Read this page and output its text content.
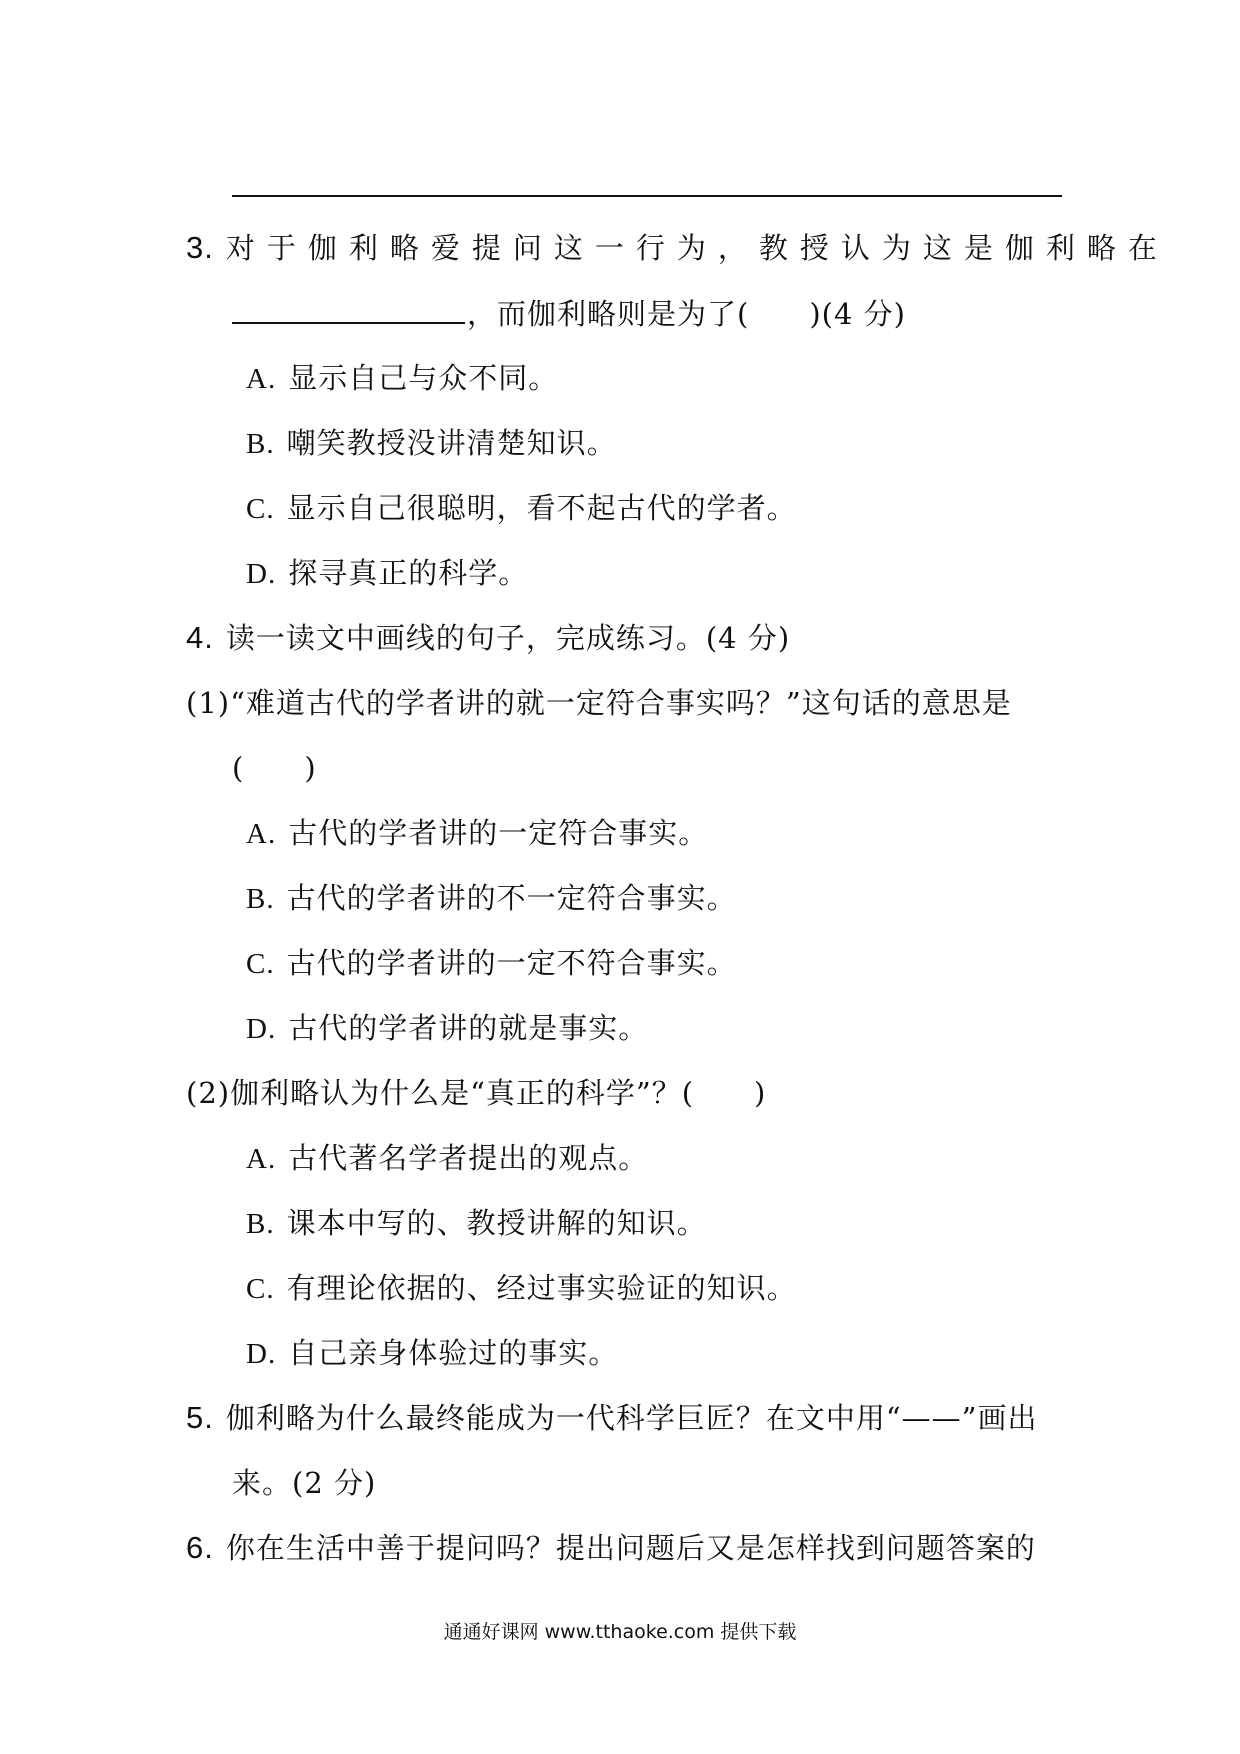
3. 对于伽利略爱提问这一行为，教授认为这是伽利略在
，而伽利略则是为了(　　)(4 分)
A. 显示自己与众不同。
B. 嘲笑教授没讲清楚知识。
C. 显示自己很聪明，看不起古代的学者。
D. 探寻真正的科学。
4. 读一读文中画线的句子，完成练习。(4 分)
(1)“难道古代的学者讲的就一定符合事实吗？”这句话的意思是
(　　)
A. 古代的学者讲的一定符合事实。
B. 古代的学者讲的不一定符合事实。
C. 古代的学者讲的一定不符合事实。
D. 古代的学者讲的就是事实。
(2)伽利略认为什么是“真正的科学”？(　　)
A. 古代著名学者提出的观点。
B. 课本中写的、教授讲解的知识。
C. 有理论依据的、经过事实验证的知识。
D. 自己亲身体验过的事实。
5. 伽利略为什么最终能成为一代科学巨匠？在文中用“——”画出
来。(2 分)
6. 你在生活中善于提问吗？提出问题后又是怎样找到问题答案的
通通好课网 www.tthaoke.com 提供下载
